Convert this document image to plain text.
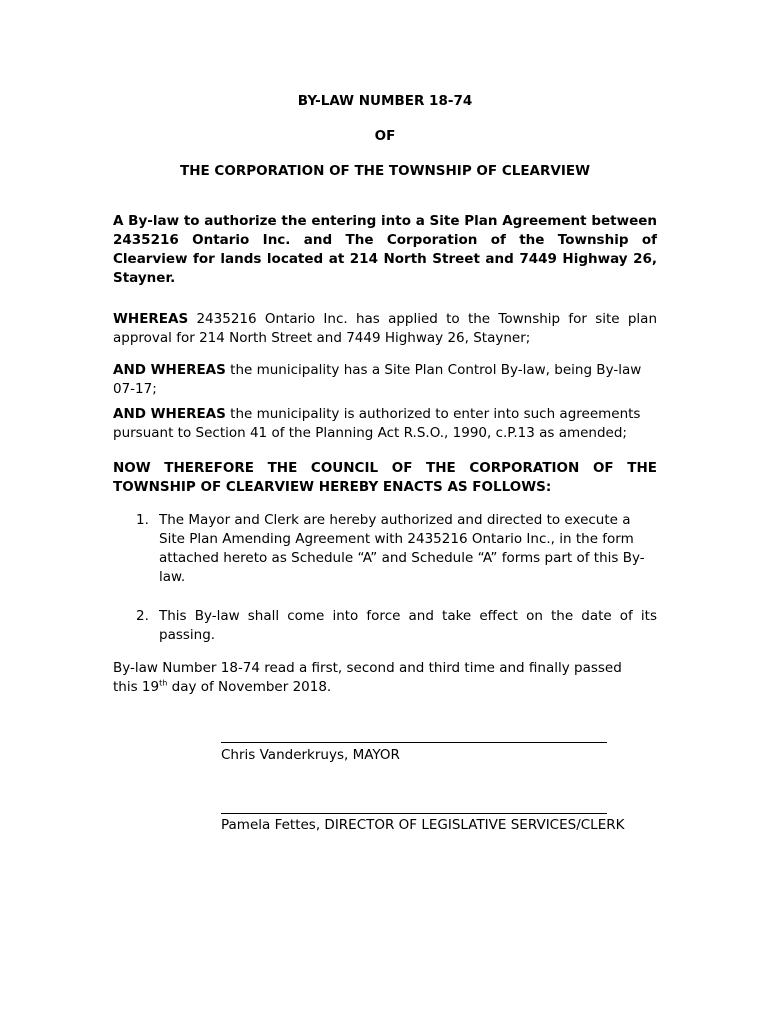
BY-LAW NUMBER 18-74
OF
THE CORPORATION OF THE TOWNSHIP OF CLEARVIEW
A By-law to authorize the entering into a Site Plan Agreement between 2435216 Ontario Inc. and The Corporation of the Township of Clearview for lands located at 214 North Street and 7449 Highway 26, Stayner.
WHEREAS 2435216 Ontario Inc. has applied to the Township for site plan approval for 214 North Street and 7449 Highway 26, Stayner;
AND WHEREAS the municipality has a Site Plan Control By-law, being By-law 07-17;
AND WHEREAS the municipality is authorized to enter into such agreements pursuant to Section 41 of the Planning Act R.S.O., 1990, c.P.13 as amended;
NOW THEREFORE THE COUNCIL OF THE CORPORATION OF THE TOWNSHIP OF CLEARVIEW HEREBY ENACTS AS FOLLOWS:
1. The Mayor and Clerk are hereby authorized and directed to execute a Site Plan Amending Agreement with 2435216 Ontario Inc., in the form attached hereto as Schedule “A” and Schedule “A” forms part of this By-law.
2. This By-law shall come into force and take effect on the date of its passing.
By-law Number 18-74 read a first, second and third time and finally passed
this 19th day of November 2018.
Chris Vanderkruys, MAYOR
Pamela Fettes, DIRECTOR OF LEGISLATIVE SERVICES/CLERK
